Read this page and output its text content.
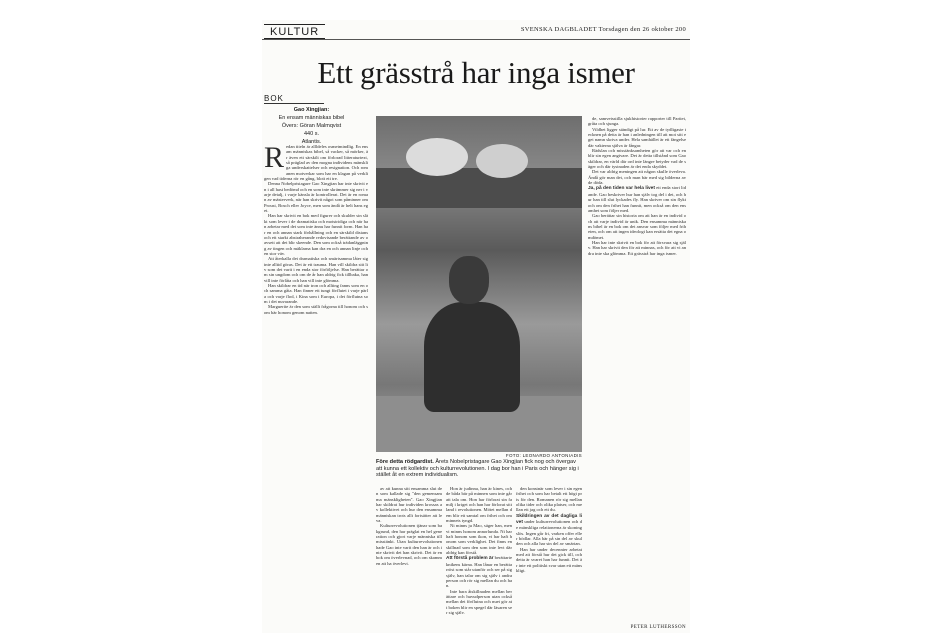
KULTUR	SVENSKA DAGBLADET Torsdagen den 26 oktober 200
Ett grässtrå har inga ismer
BOK
Gao Xingjian:
En ensam människas bibel
Övers: Göran Malmqvist
440 s.
Atlantis.

R edan titeln är allldeles osmetmindlig. En ensam människas bibel, så vacker, så mörker, är även ett särskilt om förlorad litteraturtext, så präglad av den mogna individens mänskliga underskattelser och resignation. Och romanen motverkar som har en klagan på verkligen vad tiderna rör en gång, blott ett tre.

Denna Nobelpristagare Gao Xingjian har inte skrivit en i all hast bedömd och en som inte skrämmer sig ner i varje detalj, i varje känsla är kontrollerat. Det är en roman av mästerverk, när han skrivit något som påminner om Proust, Bosch eller Joyce, men som ändå är helt hans eget.

Han har skrivit en bok med figurer och skulder sin släkt som lever i de dramatiska och motstridiga och när han arbetar med det som inte ännu har funnit form. Han har en och annan stark förhållning och en särskild distans och ett starkt abstraherande redovisande berättande av oavsett att det blir skeende. Den som också trädanläggning av tingen och mäklarna kan dra en och annan linje och en stor väv.

Att återkalla det dramatiska och smärtsamma låter sig inte alltid göras. Det är ett trauma. Han vill skildra sitt liv som det varit i en enda stor förföljelse. Han berättar om sin ungdom och om de år han aldrig fick tillbaka, han vill inte förlåta och han vill inte glömma.

Han skildrar en tid när tron och allting fanns som en och samma gåta. Han finner ett tungt förflutet i varje pärla och varje flod, i Kina som i Europa, i det förflutna som i det nuvarande.

Marguerite är den som ställt frågorna till honom och som bär honom genom natten.

FOTO: LEONARDO ANTONIADIS
Före detta rödgardist. Årets Nobelpristagare Gao Xingjian fick nog och övergav att kunna ett kollektiv och kulturrevolutionen. I dag bor han i Paris och hänger sig i stället åt en extrem individualism.

av att kunna sitt ensamma slut den som kallade sig "den gemensamma mänskligheten". Gao Xingjian har skildrat hur individen krossas av kollektivet och hur den ensamma människan trots allt fortsätter att leva.

Kulturrevolutionen tjänar som bakgrund, den har präglat en hel generation och gjort varje människa till misstänkt. Utan kulturrevolutionen hade Gao inte varit den han är och inte skrivit det han skrivit. Det är en bok om överlevnad, och om skammen att ha överlevt.

Hon är judinna, han är kines, och de båda bär på minnen som inte går att tala om. Hon har förlorat sin familj i kriget och han har förlorat sitt land i revolutionen. Mötet mellan dem blir ett samtal om frihet och om minnets tyngd.

Ni minns ju Mao, säger han, men vi minns honom annorlunda. Ni har haft honom som ikon, vi har haft honom som verklighet. Det finns en skillnad som den som inte levt där aldrig kan förstå.

Att förstå problem är berättarteknikens kärna. Han lånar en berättarröst som står utanför och ser på sig själv, han talar om sig själv i andra person och rör sig mellan du och han.

Inte bara åtskillnaden mellan berättare och huvudperson utan också mellan det förflutna och nuet gör att boken blir en spegel där läsaren ser sig själv.

den konstnär som lever i sin egen frihet och som har betalt ett högt pris för den. Romanen rör sig mellan olika tider och olika platser, och mellan ett jag och ett du.

Skildringen av det dagliga livet under kulturrevolutionen och de mänskliga relationerna är skoningslös. Ingen går fri, varken offer eller bödlar. Alla bär på sin del av skulden och alla har sin del av smärtan.

Han har under decennier arbetat med att förstå hur det gick till, och detta är svaret han har funnit. Det är inte ett politiskt svar utan ett mänskligt.

de, samvetsstilla sjukhistorier rapporter till Partiet, gråta och sjunga.

Vildhet ligger ständigt på lur. Ett av de tydligaste tecknen på detta är han i anledningen till att mot sitt eget namn skriva under. Hela samhället är ett fängelse där vakterna själva är fångar.

Rädslan och misstänksamheten gör att var och en blir sin egen angivare. Det är detta tillstånd som Gao skildrar, en värld där ord inte längre betyder vad de säger och där tystnaden är det enda skyddet.

Det var aldrig meningen att någon skulle överleva. Ändå gör man det, och man bär med sig bilderna av de döda.

Ja, på den tiden var hela livet ett enda stort lidande. Gao beskriver hur han själv tog del i det, och hur han till slut lyckades fly. Han skriver om sin flykt och om den frihet han funnit, men också om den ensamhet som följer med.

Gao berättar sin historia om att han är en individ och att varje individ är unik. Den ensamma människans bibel är en bok om det ansvar som följer med friheten, och om att ingen ideologi kan ersätta det egna omdömet.

Han har inte skrivit en bok för att försvara sig själv. Han har skrivit den för att minnas, och för att vi andra inte ska glömma. Ett grässtrå har inga ismer.

PETER LUTHERSSON
